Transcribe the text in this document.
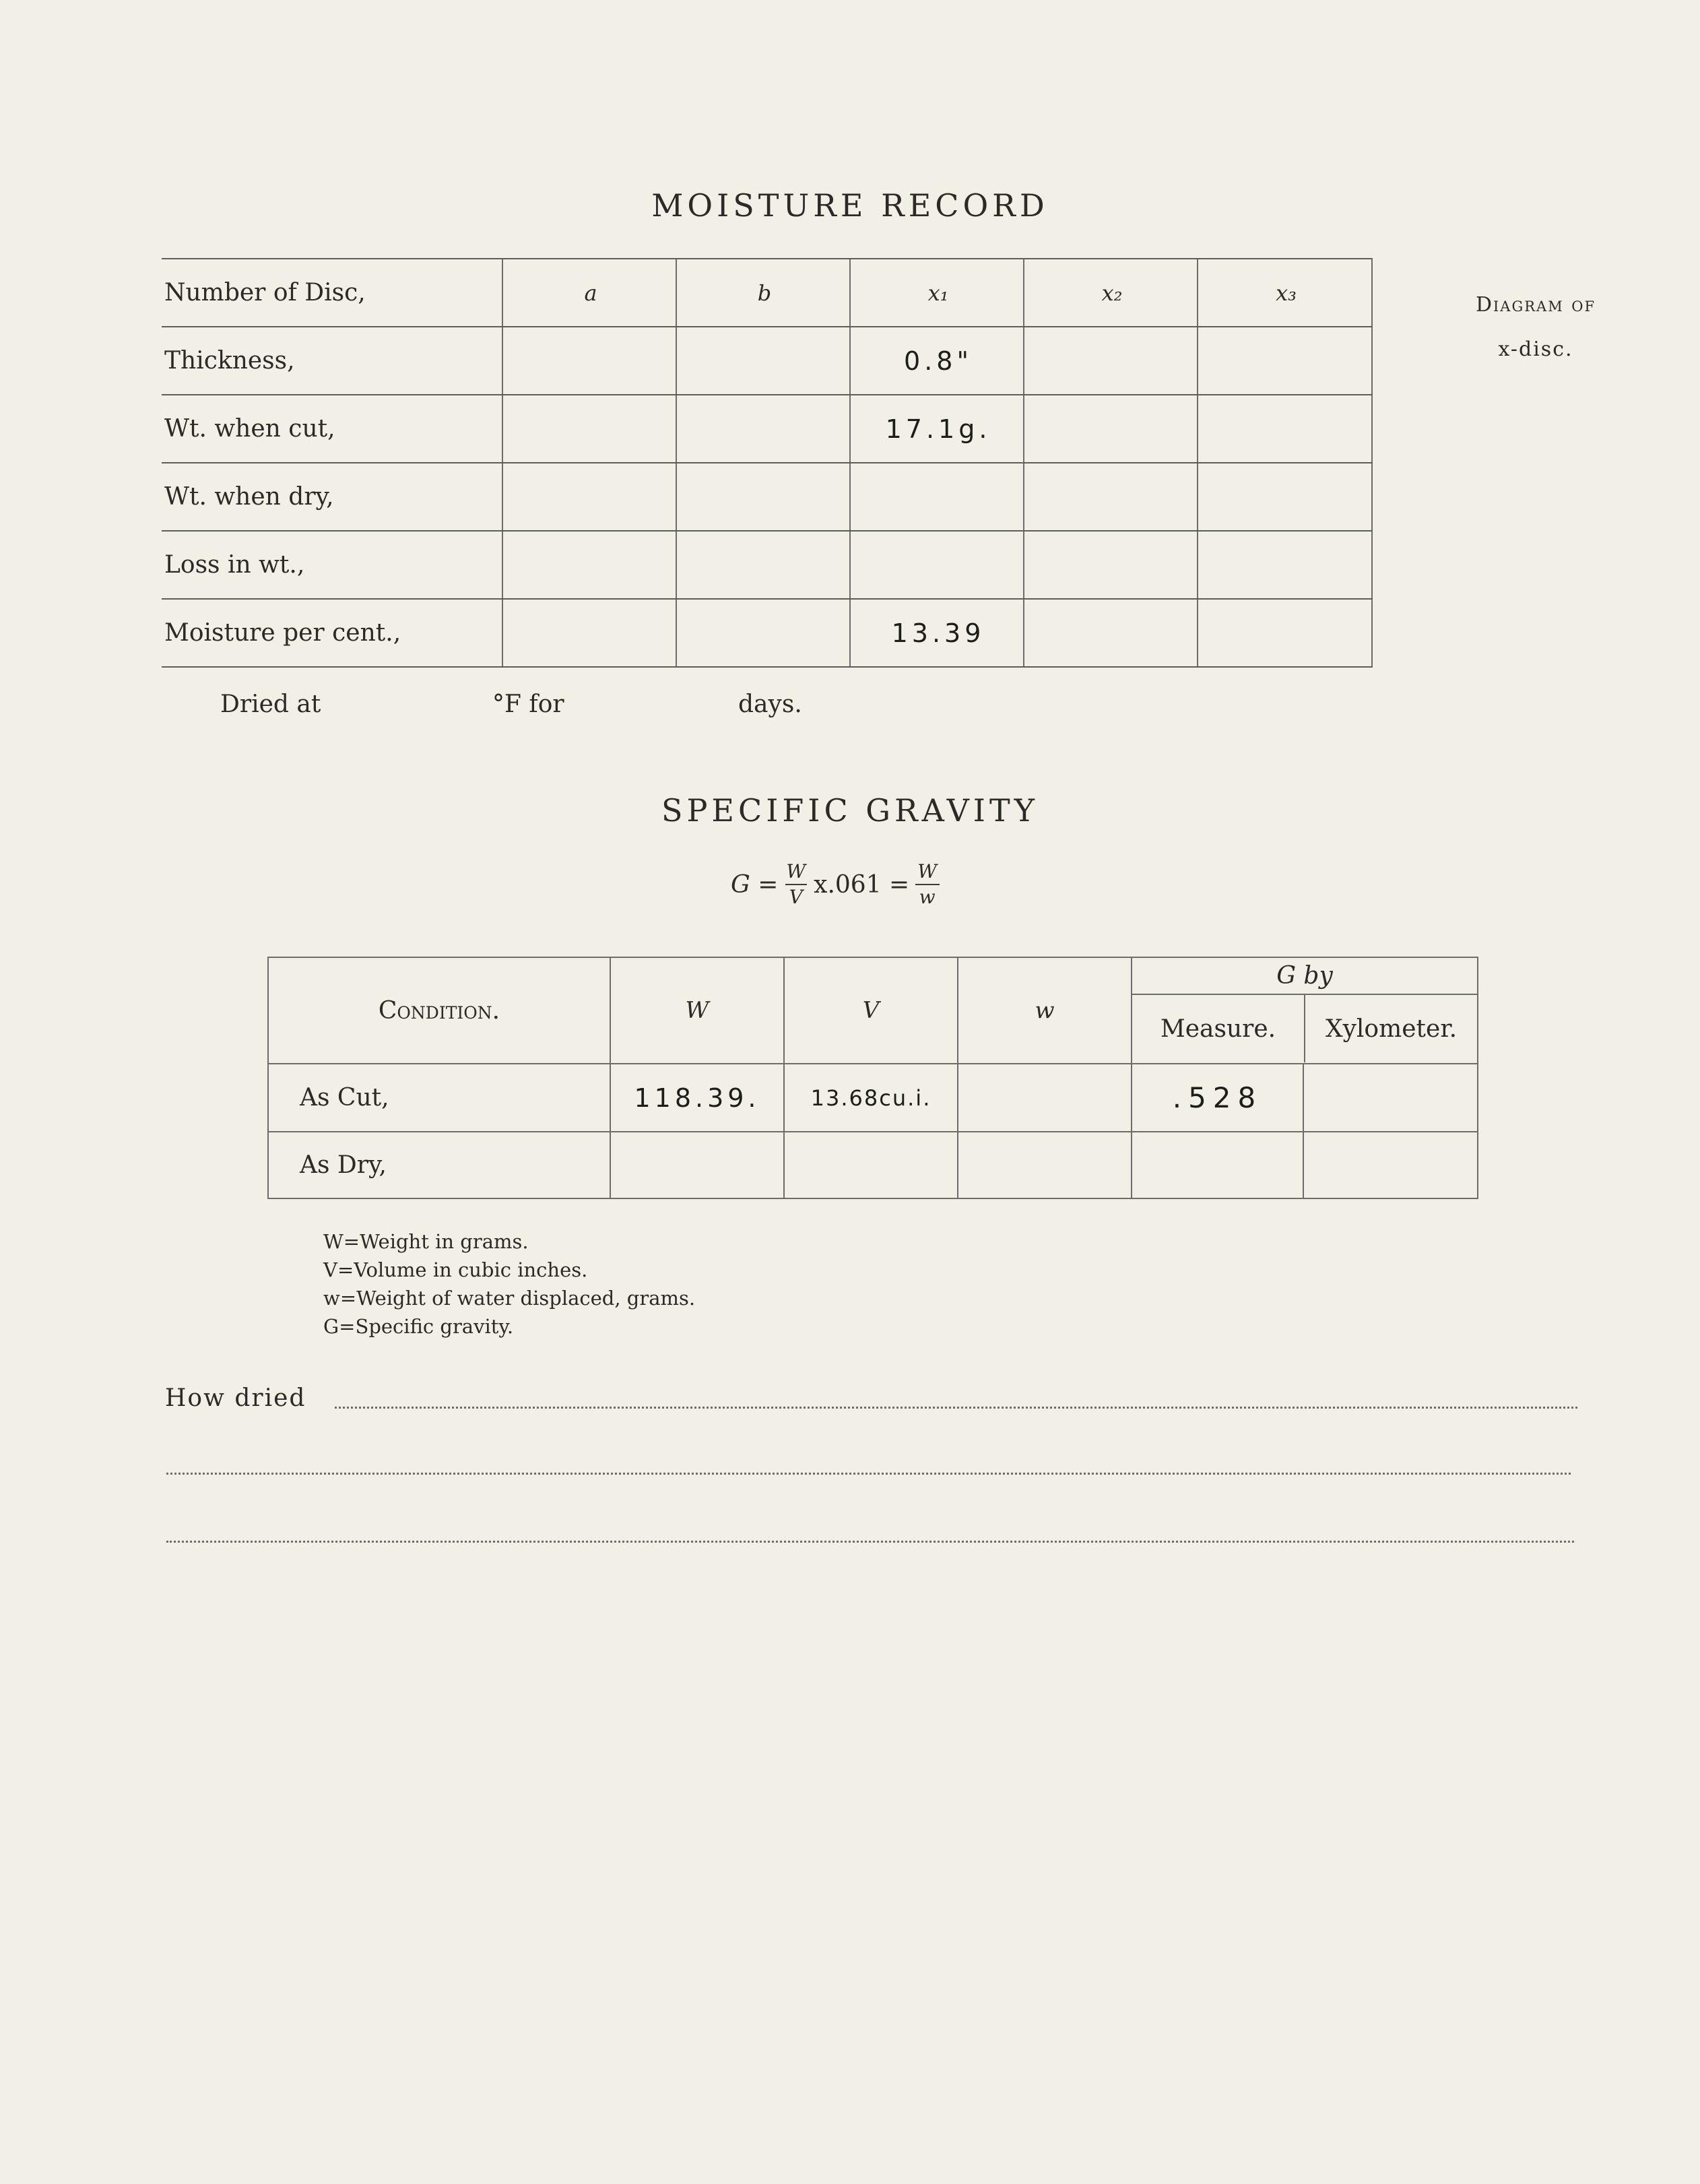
MOISTURE RECORD
Number of Disc,	a	b	x₁	x₂	x₃
Thickness,			0.8"		
Wt. when cut,			17.1g.		
Wt. when dry,					
Loss in wt.,					
Moisture per cent.,			13.39		
Diagram of
x-disc.
Dried at	°F for	days.
SPECIFIC GRAVITY
$G = \frac{W}{V} x.061 = \frac{W}{w}$
Condition.	W	V	w	G by
Measure. Xylometer.	

As Cut,	118.39.	13.68cu.i.		.528	
As Dry,					
W=Weight in grams.
V=Volume in cubic inches.
w=Weight of water displaced, grams.
G=Specific gravity.
How dried
